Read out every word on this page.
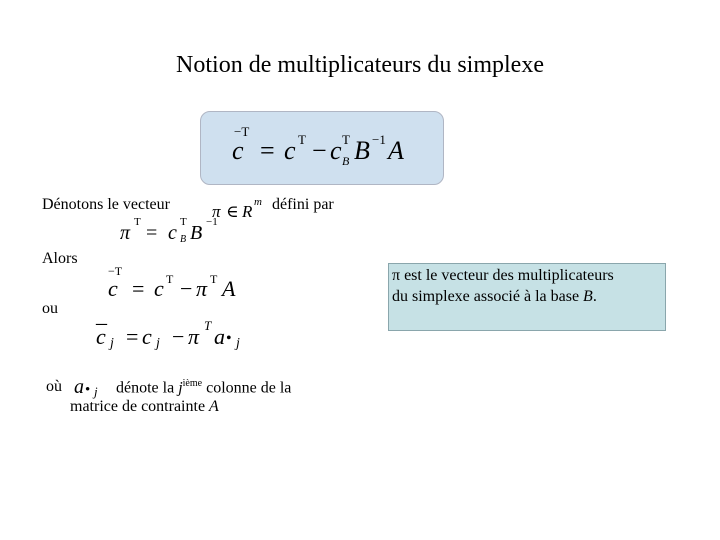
Notion de multiplicateurs du simplexe
c
−T
= c T − c T
B B −1 A
Dénotons le vecteur π ∈ R m défini par
π T = c T
B B −1
Alors
c
−T
= c T − π T A
ou _
c j = c j − π T a • j
où a • j dénote la $j^{ième}$ colonne de la
matrice de contrainte A
π est le vecteur des multiplicateurs
du simplexe associé à la base B.
